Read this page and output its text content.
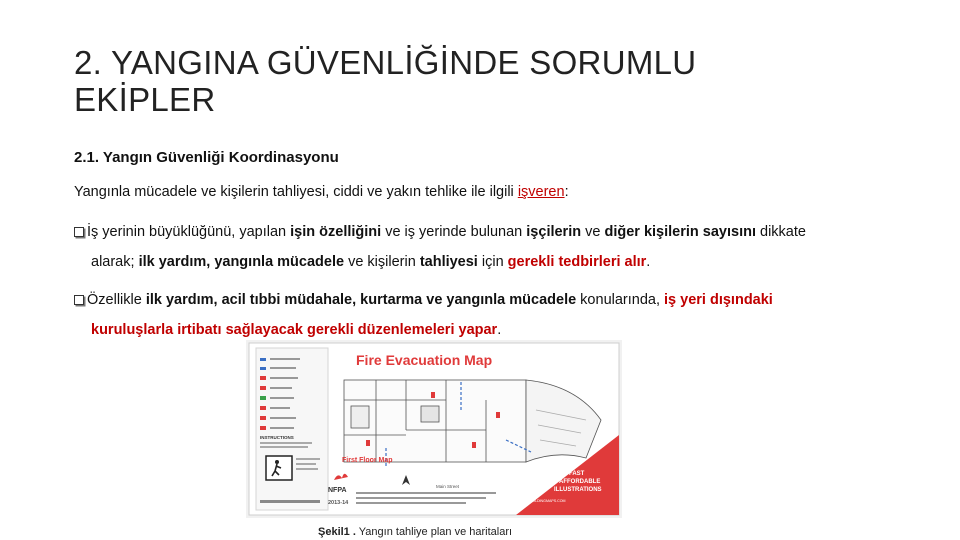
2. YANGINA GÜVENLİĞİNDE SORUMLU
EKİPLER
2.1. Yangın Güvenliği Koordinasyonu
Yangınla mücadele ve kişilerin tahliyesi, ciddi ve yakın tehlike ile ilgili işveren:
İş yerinin büyüklüğünü, yapılan işin özelliğini ve iş yerinde bulunan işçilerin ve diğer kişilerin sayısını dikkate
alarak; ilk yardım, yangınla mücadele ve kişilerin tahliyesi için gerekli tedbirleri alır.
Özellikle ilk yardım, acil tıbbi müdahale, kurtarma ve yangınla mücadele konularında, iş yeri dışındaki
kuruluşlarla irtibatı sağlayacak gerekli düzenlemeleri yapar.
INSTRUCTIONS
Fire Evacuation Map
First Floor Map
Main Street
NFPA
2013-14
FAST
AFFORDABLE
ILLUSTRATIONS
WWW.BUILDINGMAPS.COM
Şekil1 . Yangın tahliye plan ve haritaları
